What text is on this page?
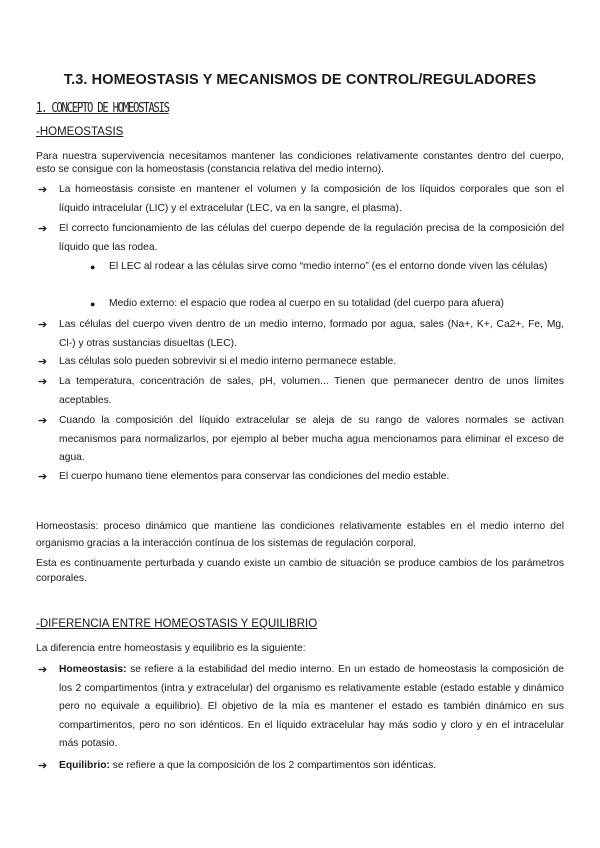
T.3. HOMEOSTASIS Y MECANISMOS DE CONTROL/REGULADORES
1. CONCEPTO DE HOMEOSTASIS
-HOMEOSTASIS
Para nuestra supervivencia necesitamos mantener las condiciones relativamente constantes dentro del cuerpo, esto se consigue con la homeostasis (constancia relativa del medio interno).
➔ La homeostasis consiste en mantener el volumen y la composición de los líquidos corporales que son el líquido intracelular (LIC) y el extracelular (LEC, va en la sangre, el plasma).
➔ El correcto funcionamiento de las células del cuerpo depende de la regulación precisa de la composición del líquido que las rodea.
● El LEC al rodear a las células sirve como “medio interno” (es el entorno donde viven las células)
● Medio externo: el espacio que rodea al cuerpo en su totalidad (del cuerpo para afuera)
➔ Las células del cuerpo viven dentro de un medio interno, formado por agua, sales (Na+, K+, Ca2+, Fe, Mg, Cl-) y otras sustancias disueltas (LEC).
➔ Las células solo pueden sobrevivir si el medio interno permanece estable.
➔ La temperatura, concentración de sales, pH, volumen... Tienen que permanecer dentro de unos límites aceptables.
➔ Cuando la composición del líquido extracelular se aleja de su rango de valores normales se activan mecanismos para normalizarlos, por ejemplo al beber mucha agua mencionamos para eliminar el exceso de agua.
➔ El cuerpo humano tiene elementos para conservar las condiciones del medio estable.
Homeostasis: proceso dinámico que mantiene las condiciones relativamente estables en el medio interno del organismo gracias a la interacción contínua de los sistemas de regulación corporal.
Esta es continuamente perturbada y cuando existe un cambio de situación se produce cambios de los parámetros corporales.
-DIFERENCIA ENTRE HOMEOSTASIS Y EQUILIBRIO
La diferencia entre homeostasis y equilibrio es la siguiente:
➔ Homeostasis: se refiere a la estabilidad del medio interno. En un estado de homeostasis la composición de los 2 compartimentos (intra y extracelular) del organismo es relativamente estable (estado estable y dinámico pero no equivale a equilibrio). El objetivo de la mía es mantener el estado es también dinámico en sus compartimentos, pero no son idénticos. En el líquido extracelular hay más sodio y cloro y en el intracelular más potasio.
➔ Equilibrio: se refiere a que la composición de los 2 compartimentos son idénticas.
